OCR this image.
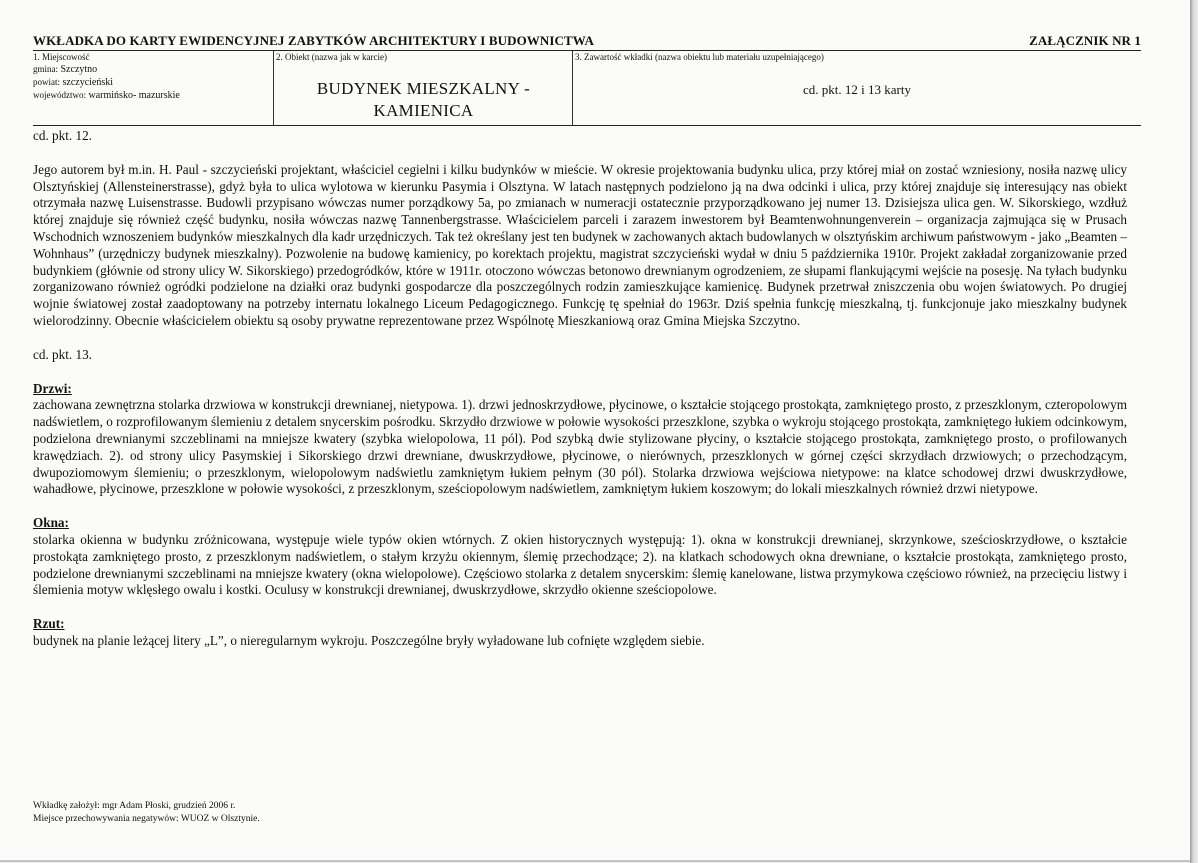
WKŁADKA DO KARTY EWIDENCYJNEJ ZABYTKÓW ARCHITEKTURY I BUDOWNICTWA	ZAŁĄCZNIK NR 1
1. Miejscowość
gmina: Szczytno
powiat: szczycieński
województwo: warmińsko- mazurskie
2. Obiekt (nazwa jak w karcie)
BUDYNEK MIESZKALNY -
KAMIENICA
3. Zawartość wkładki (nazwa obiektu lub materiału uzupełniającego)
cd. pkt. 12 i 13 karty

cd. pkt. 12.

Jego autorem był m.in. H. Paul - szczycieński projektant, właściciel cegielni i kilku budynków w mieście. W okresie projektowania budynku ulica, przy której miał on zostać wzniesiony, nosiła nazwę ulicy Olsztyńskiej (Allensteinerstrasse), gdyż była to ulica wylotowa w kierunku Pasymia i Olsztyna. W latach następnych podzielono ją na dwa odcinki i ulica, przy której znajduje się interesujący nas obiekt otrzymała nazwę Luisenstrasse. Budowli przypisano wówczas numer porządkowy 5a, po zmianach w numeracji ostatecznie przyporządkowano jej numer 13. Dzisiejsza ulica gen. W. Sikorskiego, wzdłuż której znajduje się również część budynku, nosiła wówczas nazwę Tannenbergstrasse. Właścicielem parceli i zarazem inwestorem był Beamtenwohnungenverein – organizacja zajmująca się w Prusach Wschodnich wznoszeniem budynków mieszkalnych dla kadr urzędniczych. Tak też określany jest ten budynek w zachowanych aktach budowlanych w olsztyńskim archiwum państwowym - jako „Beamten – Wohnhaus” (urzędniczy budynek mieszkalny). Pozwolenie na budowę kamienicy, po korektach projektu, magistrat szczycieński wydał w dniu 5 października 1910r. Projekt zakładał zorganizowanie przed budynkiem (głównie od strony ulicy W. Sikorskiego) przedogródków, które w 1911r. otoczono wówczas betonowo drewnianym ogrodzeniem, ze słupami flankującymi wejście na posesję. Na tyłach budynku zorganizowano również ogródki podzielone na działki oraz budynki gospodarcze dla poszczególnych rodzin zamieszkujące kamienicę. Budynek przetrwał zniszczenia obu wojen światowych. Po drugiej wojnie światowej został zaadoptowany na potrzeby internatu lokalnego Liceum Pedagogicznego. Funkcję tę spełniał do 1963r. Dziś spełnia funkcję mieszkalną, tj. funkcjonuje jako mieszkalny budynek wielorodzinny. Obecnie właścicielem obiektu są osoby prywatne reprezentowane przez Wspólnotę Mieszkaniową oraz Gmina Miejska Szczytno.

cd. pkt. 13.

Drzwi:

zachowana zewnętrzna stolarka drzwiowa w konstrukcji drewnianej, nietypowa. 1). drzwi jednoskrzydłowe, płycinowe, o kształcie stojącego prostokąta, zamkniętego prosto, z przeszklonym, czteropolowym nadświetlem, o rozprofilowanym ślemieniu z detalem snycerskim pośrodku. Skrzydło drzwiowe w połowie wysokości przeszklone, szybka o wykroju stojącego prostokąta, zamkniętego łukiem odcinkowym, podzielona drewnianymi szczeblinami na mniejsze kwatery (szybka wielopolowa, 11 pól). Pod szybką dwie stylizowane płyciny, o kształcie stojącego prostokąta, zamkniętego prosto, o profilowanych krawędziach. 2). od strony ulicy Pasymskiej i Sikorskiego drzwi drewniane, dwuskrzydłowe, płycinowe, o nierównych, przeszklonych w górnej części skrzydłach drzwiowych; o przechodzącym, dwupoziomowym ślemieniu; o przeszklonym, wielopolowym nadświetlu zamkniętym łukiem pełnym (30 pól). Stolarka drzwiowa wejściowa nietypowe: na klatce schodowej drzwi dwuskrzydłowe, wahadłowe, płycinowe, przeszklone w połowie wysokości, z przeszklonym, sześciopolowym nadświetlem, zamkniętym łukiem koszowym; do lokali mieszkalnych również drzwi nietypowe.

Okna:

stolarka okienna w budynku zróżnicowana, występuje wiele typów okien wtórnych. Z okien historycznych występują: 1). okna w konstrukcji drewnianej, skrzynkowe, sześcioskrzydłowe, o kształcie prostokąta zamkniętego prosto, z przeszklonym nadświetlem, o stałym krzyżu okiennym, ślemię przechodzące; 2). na klatkach schodowych okna drewniane, o kształcie prostokąta, zamkniętego prosto, podzielone drewnianymi szczeblinami na mniejsze kwatery (okna wielopolowe). Częściowo stolarka z detalem snycerskim: ślemię kanelowane, listwa przymykowa częściowo również, na przecięciu listwy i ślemienia motyw wklęsłego owalu i kostki. Oculusy w konstrukcji drewnianej, dwuskrzydłowe, skrzydło okienne sześciopolowe.

Rzut:

budynek na planie leżącej litery „L”, o nieregularnym wykroju. Poszczególne bryły wyładowane lub cofnięte względem siebie.

Wkładkę założył: mgr Adam Płoski, grudzień 2006 r.
Miejsce przechowywania negatywów: WUOZ w Olsztynie.
